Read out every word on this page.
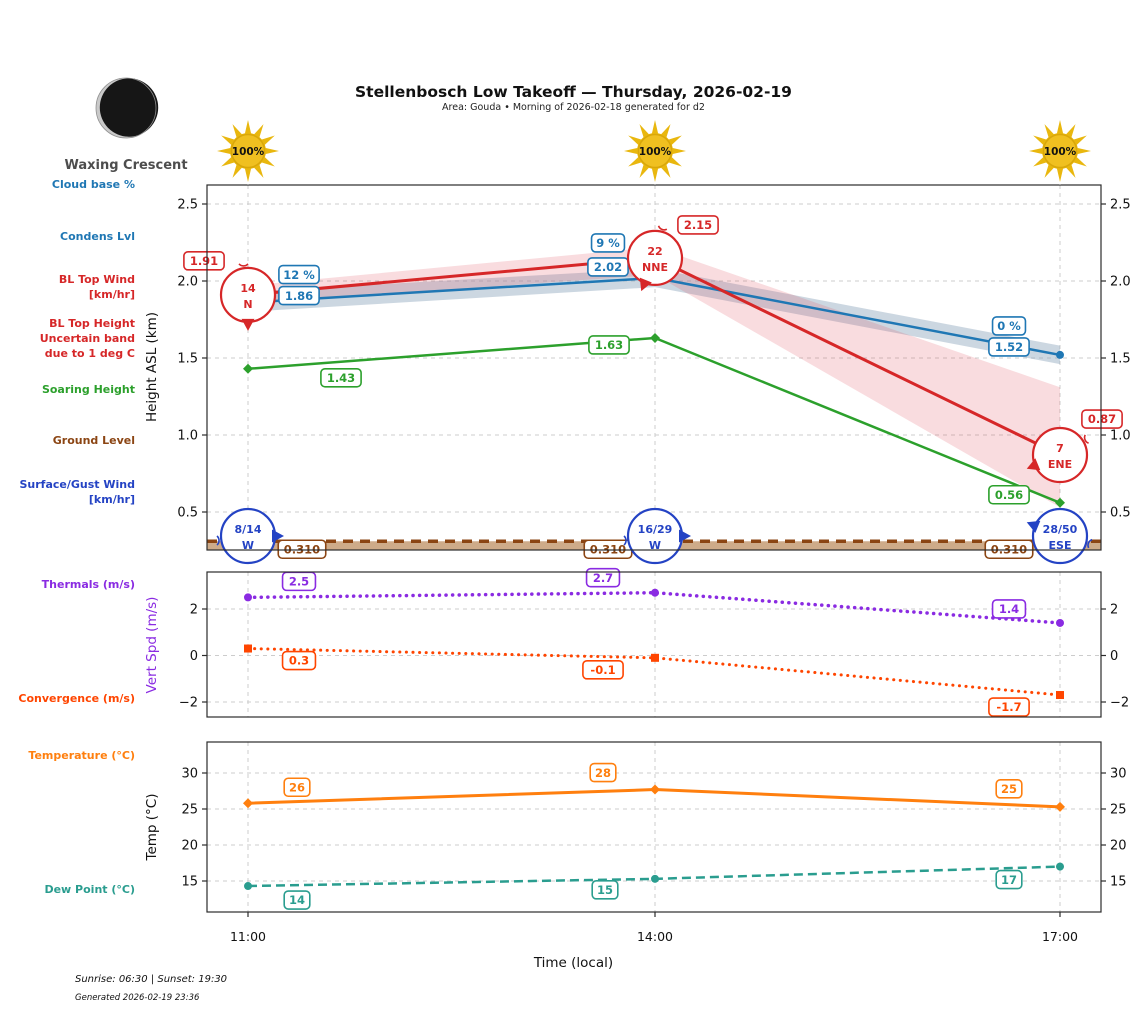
1.86
2.02
1.52
1.91
2.15
0.87
1.43
1.63
0.56
12 %
9 %
0 %
0.310	0.310	0.310
2.5	2.7
1.4
0.3
-0.1
-1.7
26
28
25
14
15
17
14
N
22
NNE
7
ENE
8/14
W
16/29
W
28/50
ESE
2.5	2.5
2.0	2.0
1.5	1.5
1.0	1.0
0.5	0.5
2	2
0	0
−2	−2
30	30
25	25
20	20
15	15
11:00	14:00	17:00
100%	100%	100%
Stellenbosch Low Takeoff — Thursday, 2026-02-19
Area: Gouda • Morning of 2026-02-18 generated for d2
Waxing Crescent
Cloud base %
Condens Lvl
BL Top Wind
[km/hr]
BL Top Height
Uncertain band
due to 1 deg C
Soaring Height
Ground Level
Surface/Gust Wind
[km/hr]
Thermals (m/s)
Convergence (m/s)
Temperature (°C)
Dew Point (°C)
Height ASL (km)
Vert Spd (m/s)
Temp (°C)
Time (local)
Sunrise: 06:30 | Sunset: 19:30
Generated 2026-02-19 23:36
